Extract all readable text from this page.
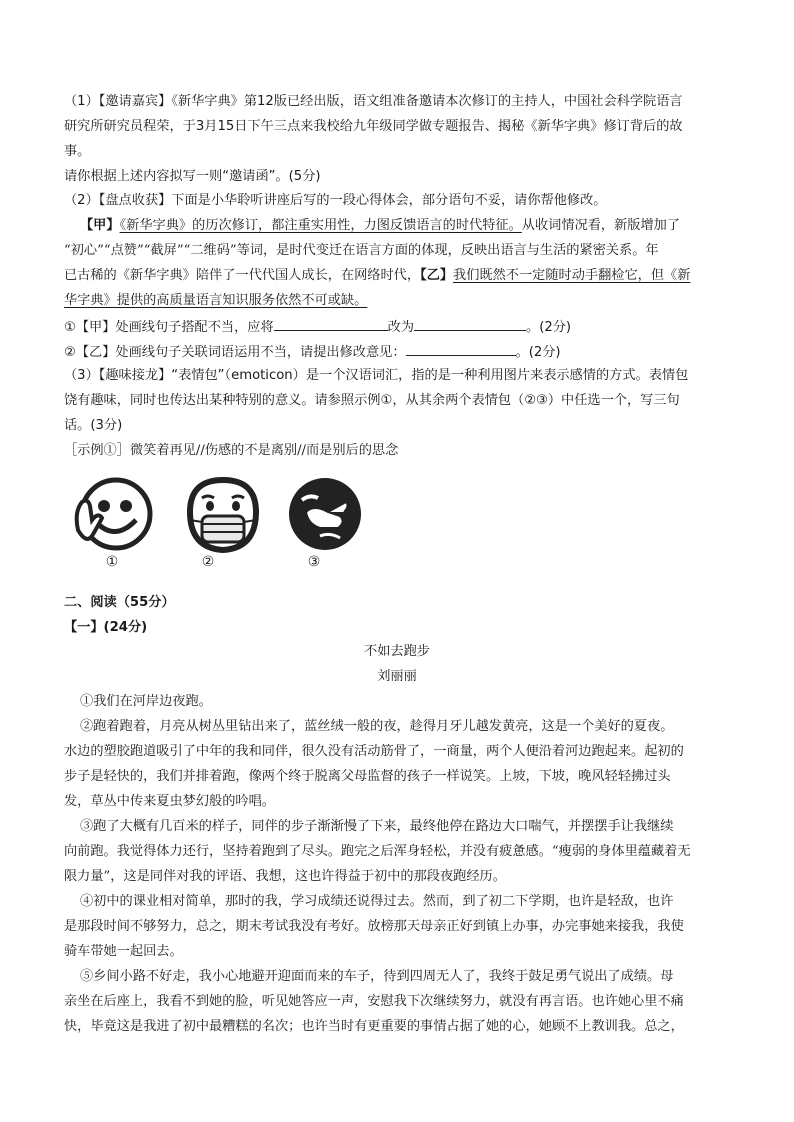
（1）【邀请嘉宾】《新华字典》第12版已经出版，语文组准备邀请本次修订的主持人，中国社会科学院语言
研究所研究员程荣，于3月15日下午三点来我校给九年级同学做专题报告、揭秘《新华字典》修订背后的故
事。
请你根据上述内容拟写一则“邀请函”。(5分)
（2）【盘点收获】下面是小华聆听讲座后写的一段心得体会，部分语句不妥，请你帮他修改。
【甲】《新华字典》的历次修订，都注重实用性，力图反馈语言的时代特征。从收词情况看，新版增加了
“初心”“点赞”“截屏”“二维码”等词，是时代变迁在语言方面的体现，反映出语言与生活的紧密关系。年
已古稀的《新华字典》陪伴了一代代国人成长，在网络时代，【乙】我们既然不一定随时动手翻检它，但《新
华字典》提供的高质量语言知识服务依然不可或缺。
①【甲】处画线句子搭配不当，应将	改为	。(2分)
②【乙】处画线句子关联词语运用不当，请提出修改意见：	。(2分)
（3）【趣味接龙】“表情包”（emoticon）是一个汉语词汇，指的是一种利用图片来表示感情的方式。表情包
饶有趣味，同时也传达出某种特别的意义。请参照示例①，从其余两个表情包（②③）中任选一个，写三句
话。(3分)
［示例①］微笑着再见//伤感的不是离别//而是别后的思念
①	②	③
二、阅读（55分）
【一】(24分)
不如去跑步
刘丽丽
①我们在河岸边夜跑。
②跑着跑着，月亮从树丛里钻出来了，蓝丝绒一般的夜，趁得月牙儿越发黄亮，这是一个美好的夏夜。
水边的塑胶跑道吸引了中年的我和同伴，很久没有活动筋骨了，一商量，两个人便沿着河边跑起来。起初的
步子是轻快的，我们并排着跑，像两个终于脱离父母监督的孩子一样说笑。上坡，下坡，晚风轻轻拂过头
发，草丛中传来夏虫梦幻般的吟唱。
③跑了大概有几百米的样子，同伴的步子渐渐慢了下来，最终他停在路边大口喘气，并摆摆手让我继续
向前跑。我觉得体力还行，坚持着跑到了尽头。跑完之后浑身轻松，并没有疲惫感。“瘦弱的身体里蕴藏着无
限力量”，这是同伴对我的评语、我想，这也许得益于初中的那段夜跑经历。
④初中的课业相对简单，那时的我，学习成绩还说得过去。然而，到了初二下学期，也许是轻敌，也许
是那段时间不够努力，总之，期末考试我没有考好。放榜那天母亲正好到镇上办事，办完事她来接我，我使
骑车带她一起回去。
⑤乡间小路不好走，我小心地避开迎面而来的车子，待到四周无人了，我终于鼓足勇气说出了成绩。母
亲坐在后座上，我看不到她的脸，听见她答应一声，安慰我下次继续努力，就没有再言语。也许她心里不痛
快，毕竟这是我进了初中最糟糕的名次；也许当时有更重要的事情占据了她的心，她顾不上教训我。总之，
